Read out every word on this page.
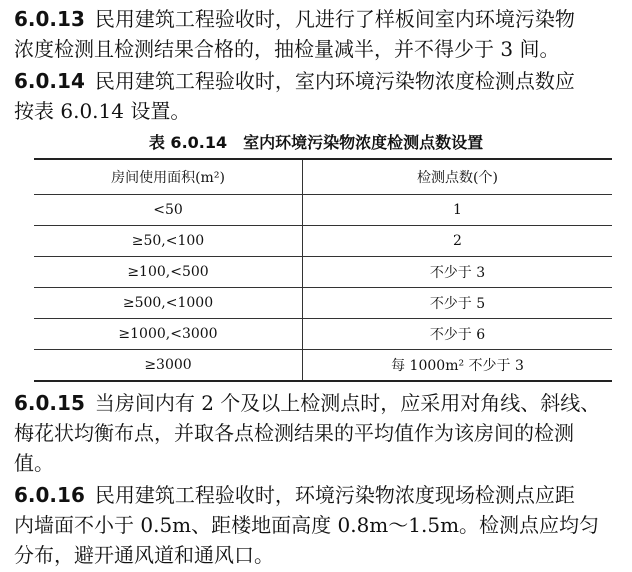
6.0.13 民用建筑工程验收时，凡进行了样板间室内环境污染物
浓度检测且检测结果合格的，抽检量减半，并不得少于 3 间。
6.0.14 民用建筑工程验收时，室内环境污染物浓度检测点数应
按表 6.0.14 设置。
表 6.0.14　室内环境污染物浓度检测点数设置
房间使用面积(m²)	检测点数(个)
<50	1
≥50,<100	2
≥100,<500	不少于 3
≥500,<1000	不少于 5
≥1000,<3000	不少于 6
≥3000	每 1000m² 不少于 3
6.0.15 当房间内有 2 个及以上检测点时，应采用对角线、斜线、
梅花状均衡布点，并取各点检测结果的平均值作为该房间的检测
值。
6.0.16 民用建筑工程验收时，环境污染物浓度现场检测点应距
内墙面不小于 0.5m、距楼地面高度 0.8m～1.5m。检测点应均匀
分布，避开通风道和通风口。
